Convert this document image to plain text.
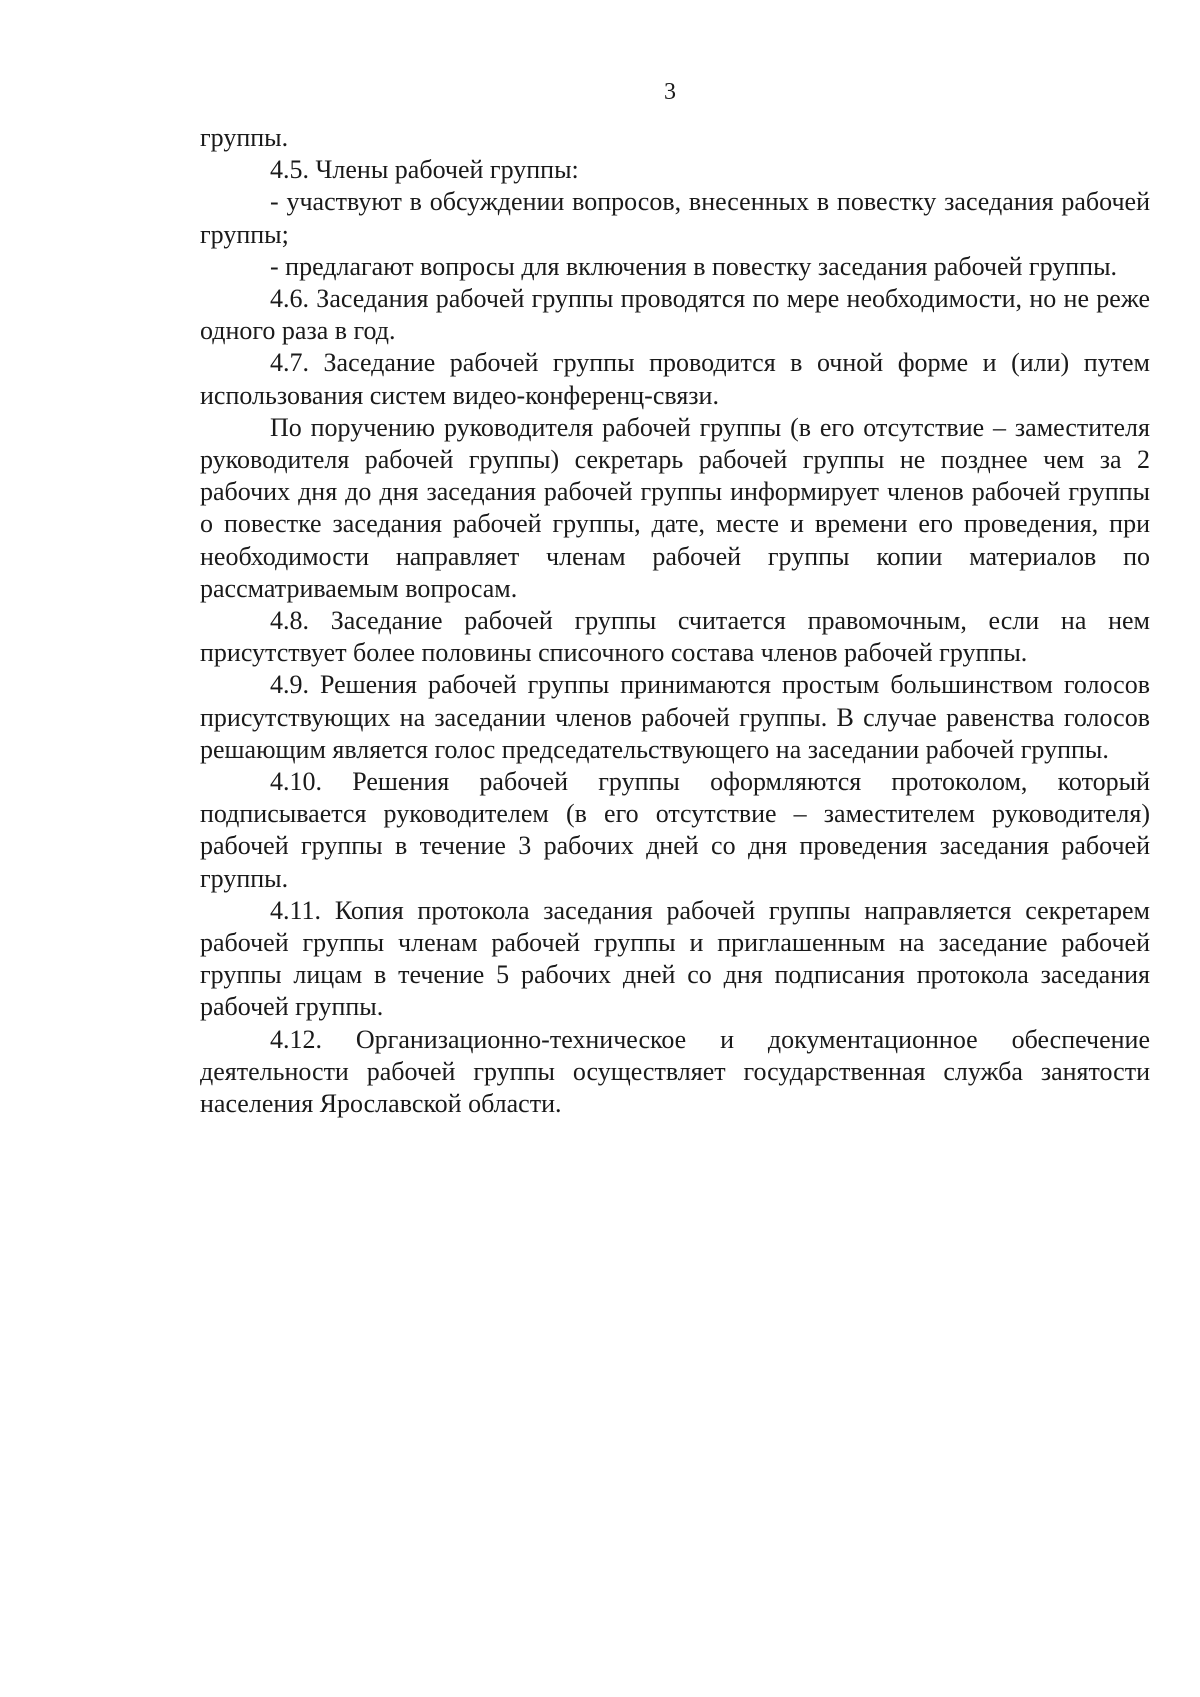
3

группы.

4.5. Члены рабочей группы:

- участвуют в обсуждении вопросов, внесенных в повестку заседания рабочей группы;

- предлагают вопросы для включения в повестку заседания рабочей группы.

4.6. Заседания рабочей группы проводятся по мере необходимости, но не реже одного раза в год.

4.7. Заседание рабочей группы проводится в очной форме и (или) путем использования систем видео-конференц-связи.

По поручению руководителя рабочей группы (в его отсутствие – заместителя руководителя рабочей группы) секретарь рабочей группы не позднее чем за 2 рабочих дня до дня заседания рабочей группы информирует членов рабочей группы о повестке заседания рабочей группы, дате, месте и времени его проведения, при необходимости направляет членам рабочей группы копии материалов по рассматриваемым вопросам.

4.8. Заседание рабочей группы считается правомочным, если на нем присутствует более половины списочного состава членов рабочей группы.

4.9. Решения рабочей группы принимаются простым большинством голосов присутствующих на заседании членов рабочей группы. В случае равенства голосов решающим является голос председательствующего на заседании рабочей группы.

4.10. Решения рабочей группы оформляются протоколом, который подписывается руководителем (в его отсутствие – заместителем руководителя) рабочей группы в течение 3 рабочих дней со дня проведения заседания рабочей группы.

4.11. Копия протокола заседания рабочей группы направляется секретарем рабочей группы членам рабочей группы и приглашенным на заседание рабочей группы лицам в течение 5 рабочих дней со дня подписания протокола заседания рабочей группы.

4.12. Организационно-техническое и документационное обеспечение деятельности рабочей группы осуществляет государственная служба занятости населения Ярославской области.
